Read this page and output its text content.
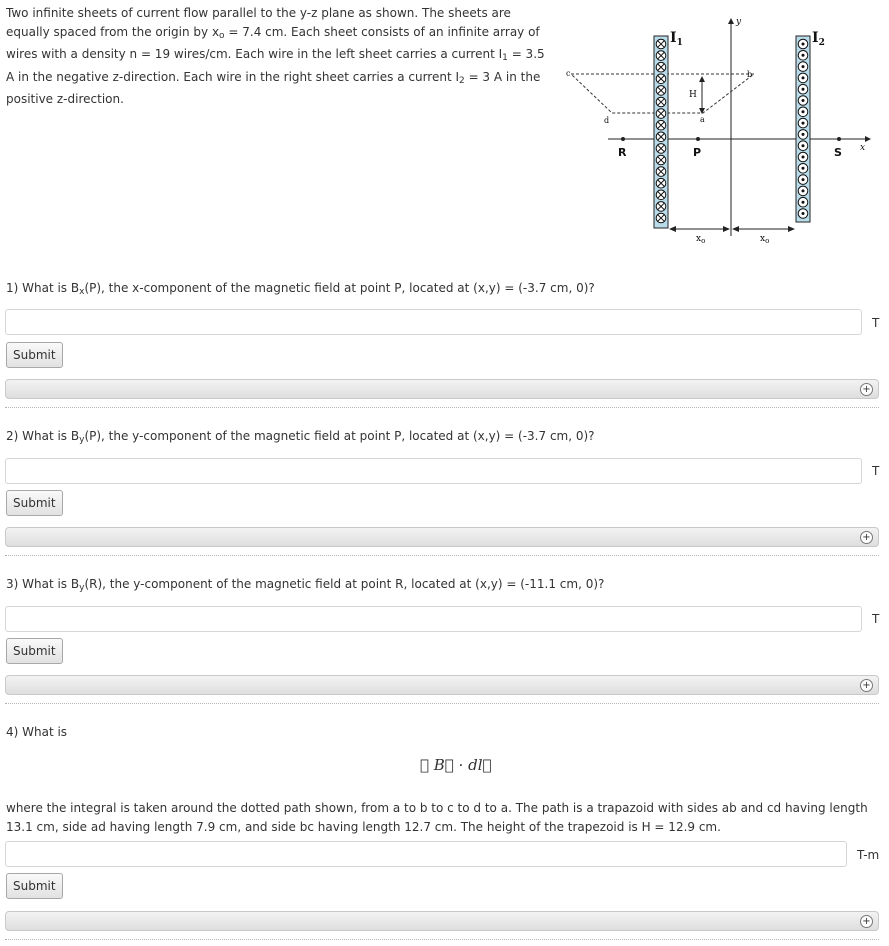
Two infinite sheets of current flow parallel to the y-z plane as shown. The sheets are equally spaced from the origin by $x_o = 7.4$ cm. Each sheet consists of an infinite array of wires with a density n = 19 wires/cm. Each wire in the left sheet carries a current $I_1 = 3.5$ A in the negative z-direction. Each wire in the right sheet carries a current $I_2 = 3$ A in the positive z-direction.
$I_1$	$I_2$
y
x
H
a
b
c
d
R	P	S
$x_o$	$x_o$
1) What is $B_x(P)$, the x-component of the magnetic field at point P, located at (x,y) = (-3.7 cm, 0)?
T
Submit
+
2) What is $B_y(P)$, the y-component of the magnetic field at point P, located at (x,y) = (-3.7 cm, 0)?
T
Submit
+
3) What is $B_y(R)$, the y-component of the magnetic field at point R, located at (x,y) = (-11.1 cm, 0)?
T
Submit
+
4) What is
∮ B⃗ · dl⃗
where the integral is taken around the dotted path shown, from a to b to c to d to a. The path is a trapazoid with sides ab and cd having length 13.1 cm, side ad having length 7.9 cm, and side bc having length 12.7 cm. The height of the trapezoid is H = 12.9 cm.
T-m
Submit
+
